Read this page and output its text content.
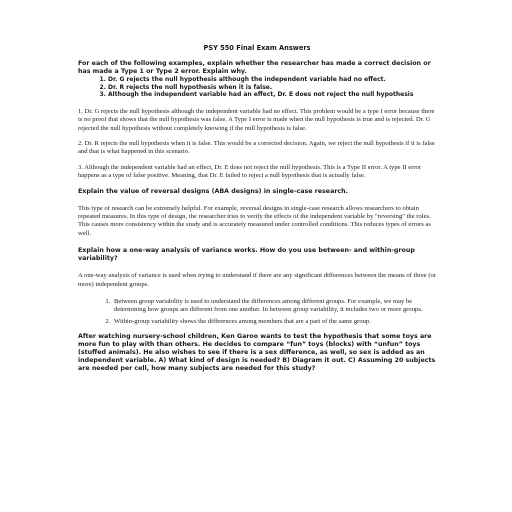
PSY 550 Final Exam Answers

For each of the following examples, explain whether the researcher has made a correct decision or has made a Type 1 or Type 2 error. Explain why.

1. Dr. G rejects the null hypothesis although the independent variable had no effect.
2. Dr. R rejects the null hypothesis when it is false.
3. Although the independent variable had an effect, Dr. E does not reject the null hypothesis

1. Dr. G rejects the null hypothesis although the independent variable had no effect. This problem would be a type I error because there is no proof that shows that the null hypothesis was false. A Type I error is made when the null hypothesis is true and is rejected. Dr. G rejected the null hypothesis without completely knowing if the null hypothesis is false.

2. Dr. R rejects the null hypothesis when it is false. This would be a corrected decision. Again, we reject the null hypothesis if it is false and that is what happened in this scenario.

3. Although the independent variable had an effect, Dr. E does not reject the null hypothesis. This is a Type II error. A type II error happens as a type of false positive. Meaning, that Dr. E failed to reject a null hypothesis that is actually false.

Explain the value of reversal designs (ABA designs) in single-case research.

This type of research can be extremely helpful. For example, reversal designs in single-case research allows researchers to obtain repeated measures. In this type of design, the researcher tries to verify the effects of the independent variable by "reversing" the roles. This causes more consistency within the study and is accurately measured under controlled conditions. This reduces types of errors as well.

Explain how a one-way analysis of variance works. How do you use between- and within-group variability?

A one-way analysis of variance is used when trying to understand if there are any significant differences between the means of three (or more) independent groups.

1. Between group variability is used to understand the differences among different groups. For example, we may be determining how groups are different from one another. In between group variability, it includes two or more groups.
2. Within-group variability shows the differences among members that are a part of the same group.

After watching nursery-school children, Ken Garoo wants to test the hypothesis that some toys are more fun to play with than others. He decides to compare “fun” toys (blocks) with “unfun” toys (stuffed animals). He also wishes to see if there is a sex difference, as well, so sex is added as an independent variable. A) What kind of design is needed? B) Diagram it out. C) Assuming 20 subjects are needed per cell, how many subjects are needed for this study?
